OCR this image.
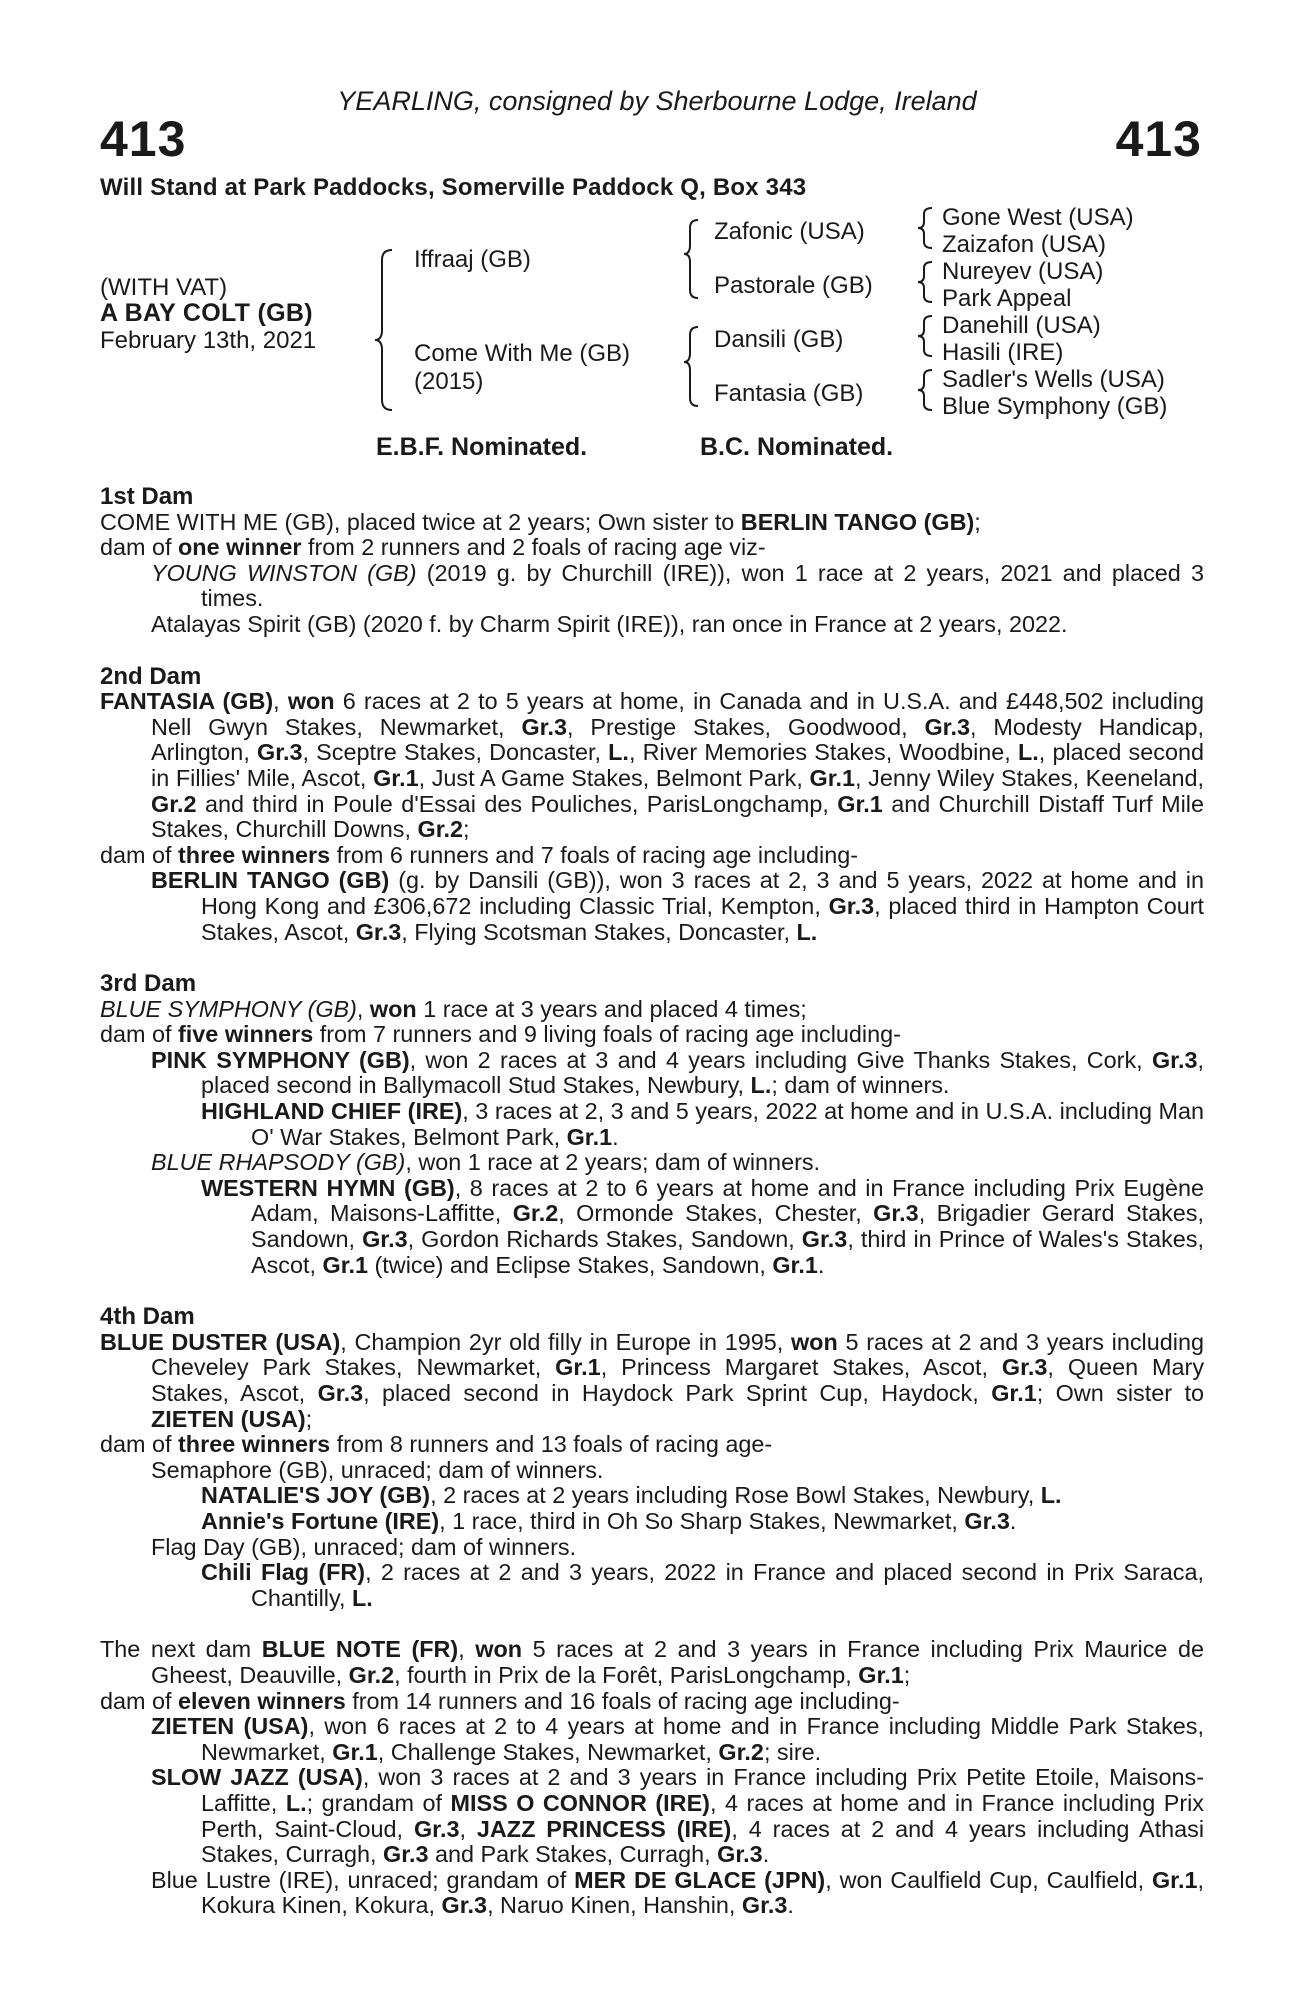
YEARLING, consigned by Sherbourne Lodge, Ireland
413	413
Will Stand at Park Paddocks, Somerville Paddock Q, Box 343
(WITH VAT)
A BAY COLT (GB)
February 13th, 2021
Iffraaj (GB)
Come With Me (GB)
(2015)
Zafonic (USA)
Pastorale (GB)
Dansili (GB)
Fantasia (GB)
Gone West (USA)
Zaizafon (USA)
Nureyev (USA)
Park Appeal
Danehill (USA)
Hasili (IRE)
Sadler's Wells (USA)
Blue Symphony (GB)
E.B.F. Nominated.	B.C. Nominated.

1st Dam

COME WITH ME (GB), placed twice at 2 years; Own sister to BERLIN TANGO (GB);

dam of one winner from 2 runners and 2 foals of racing age viz-

YOUNG WINSTON (GB) (2019 g. by Churchill (IRE)), won 1 race at 2 years, 2021 and placed 3 times.

Atalayas Spirit (GB) (2020 f. by Charm Spirit (IRE)), ran once in France at 2 years, 2022.

2nd Dam

FANTASIA (GB), won 6 races at 2 to 5 years at home, in Canada and in U.S.A. and £448,502 including Nell Gwyn Stakes, Newmarket, Gr.3, Prestige Stakes, Goodwood, Gr.3, Modesty Handicap, Arlington, Gr.3, Sceptre Stakes, Doncaster, L., River Memories Stakes, Woodbine, L., placed second in Fillies' Mile, Ascot, Gr.1, Just A Game Stakes, Belmont Park, Gr.1, Jenny Wiley Stakes, Keeneland, Gr.2 and third in Poule d'Essai des Pouliches, ParisLongchamp, Gr.1 and Churchill Distaff Turf Mile Stakes, Churchill Downs, Gr.2;

dam of three winners from 6 runners and 7 foals of racing age including-

BERLIN TANGO (GB) (g. by Dansili (GB)), won 3 races at 2, 3 and 5 years, 2022 at home and in Hong Kong and £306,672 including Classic Trial, Kempton, Gr.3, placed third in Hampton Court Stakes, Ascot, Gr.3, Flying Scotsman Stakes, Doncaster, L.

3rd Dam

BLUE SYMPHONY (GB), won 1 race at 3 years and placed 4 times;

dam of five winners from 7 runners and 9 living foals of racing age including-

PINK SYMPHONY (GB), won 2 races at 3 and 4 years including Give Thanks Stakes, Cork, Gr.3, placed second in Ballymacoll Stud Stakes, Newbury, L.; dam of winners.

HIGHLAND CHIEF (IRE), 3 races at 2, 3 and 5 years, 2022 at home and in U.S.A. including Man O' War Stakes, Belmont Park, Gr.1.

BLUE RHAPSODY (GB), won 1 race at 2 years; dam of winners.

WESTERN HYMN (GB), 8 races at 2 to 6 years at home and in France including Prix Eugène Adam, Maisons-Laffitte, Gr.2, Ormonde Stakes, Chester, Gr.3, Brigadier Gerard Stakes, Sandown, Gr.3, Gordon Richards Stakes, Sandown, Gr.3, third in Prince of Wales's Stakes, Ascot, Gr.1 (twice) and Eclipse Stakes, Sandown, Gr.1.

4th Dam

BLUE DUSTER (USA), Champion 2yr old filly in Europe in 1995, won 5 races at 2 and 3 years including Cheveley Park Stakes, Newmarket, Gr.1, Princess Margaret Stakes, Ascot, Gr.3, Queen Mary Stakes, Ascot, Gr.3, placed second in Haydock Park Sprint Cup, Haydock, Gr.1; Own sister to ZIETEN (USA);

dam of three winners from 8 runners and 13 foals of racing age-

Semaphore (GB), unraced; dam of winners.

NATALIE'S JOY (GB), 2 races at 2 years including Rose Bowl Stakes, Newbury, L.

Annie's Fortune (IRE), 1 race, third in Oh So Sharp Stakes, Newmarket, Gr.3.

Flag Day (GB), unraced; dam of winners.

Chili Flag (FR), 2 races at 2 and 3 years, 2022 in France and placed second in Prix Saraca, Chantilly, L.

The next dam BLUE NOTE (FR), won 5 races at 2 and 3 years in France including Prix Maurice de Gheest, Deauville, Gr.2, fourth in Prix de la Forêt, ParisLongchamp, Gr.1;

dam of eleven winners from 14 runners and 16 foals of racing age including-

ZIETEN (USA), won 6 races at 2 to 4 years at home and in France including Middle Park Stakes, Newmarket, Gr.1, Challenge Stakes, Newmarket, Gr.2; sire.

SLOW JAZZ (USA), won 3 races at 2 and 3 years in France including Prix Petite Etoile, Maisons-Laffitte, L.; grandam of MISS O CONNOR (IRE), 4 races at home and in France including Prix Perth, Saint-Cloud, Gr.3, JAZZ PRINCESS (IRE), 4 races at 2 and 4 years including Athasi Stakes, Curragh, Gr.3 and Park Stakes, Curragh, Gr.3.

Blue Lustre (IRE), unraced; grandam of MER DE GLACE (JPN), won Caulfield Cup, Caulfield, Gr.1, Kokura Kinen, Kokura, Gr.3, Naruo Kinen, Hanshin, Gr.3.
